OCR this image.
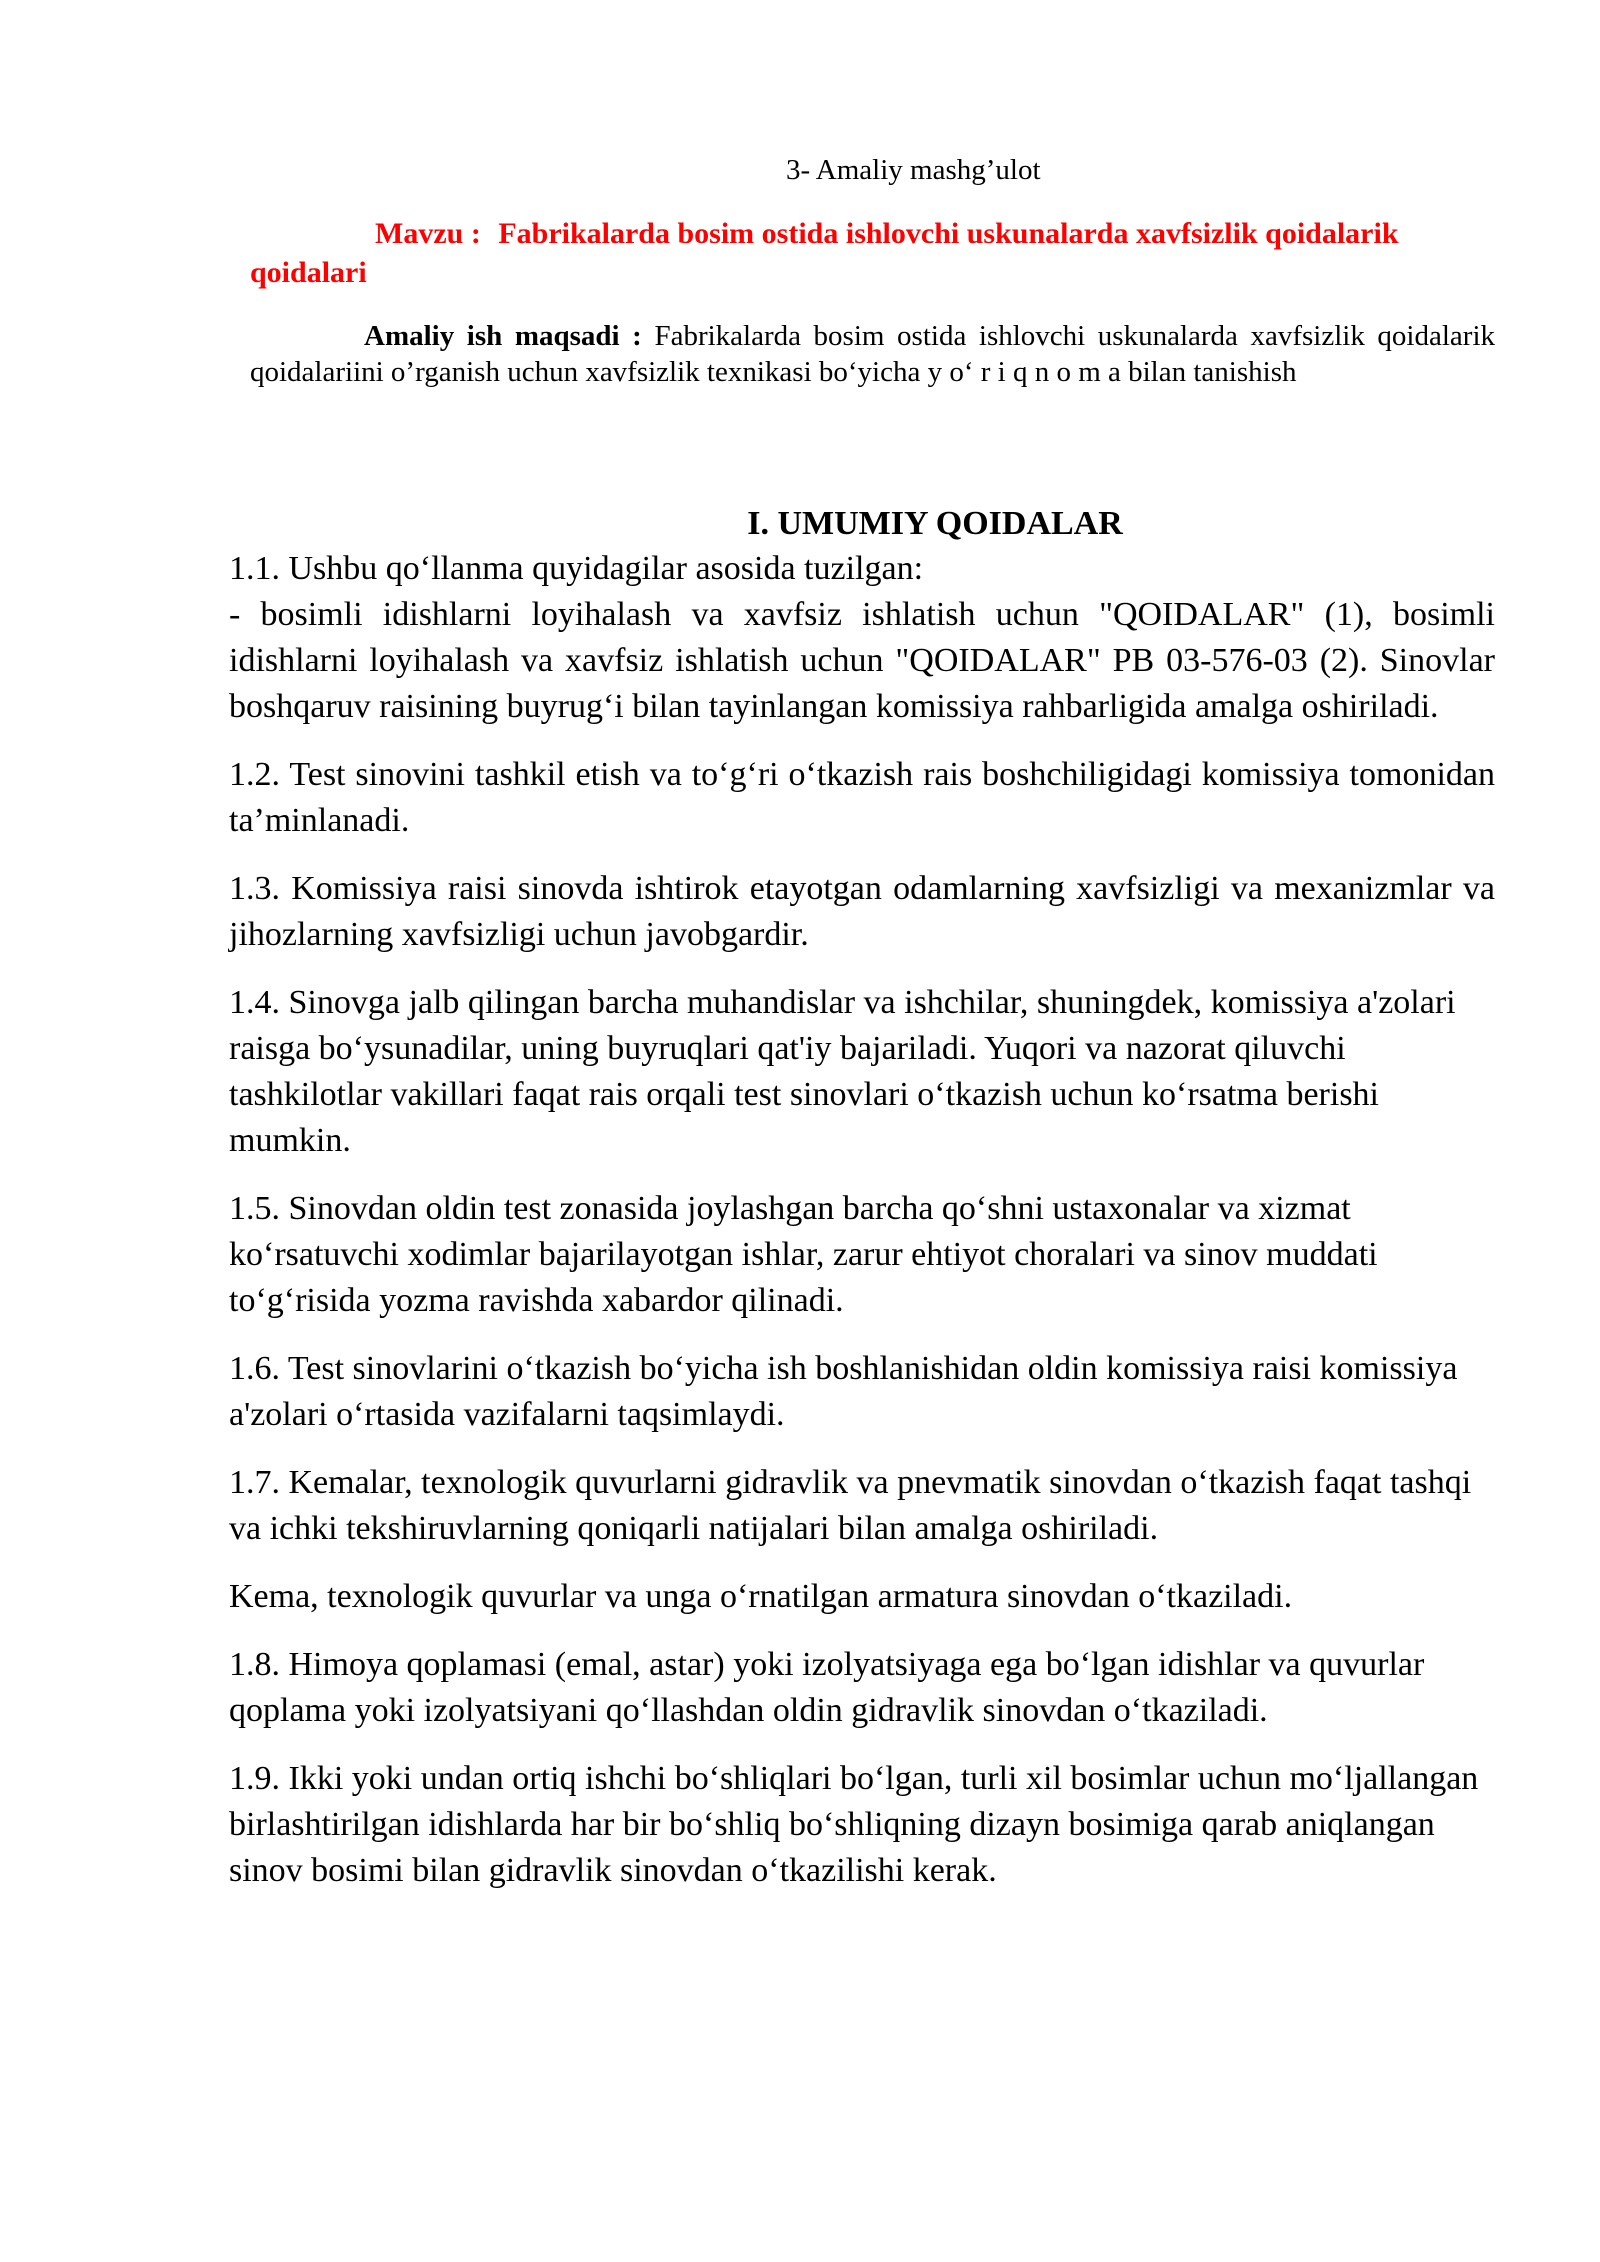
3- Amaliy mashg’ulot
Mavzu : Fabrikalarda bosim ostida ishlovchi uskunalarda xavfsizlik qoidalarik qoidalari
Amaliy ish maqsadi : Fabrikalarda bosim ostida ishlovchi uskunalarda xavfsizlik qoidalarik qoidalariini o’rganish uchun xavfsizlik texnikasi bo‘yicha y o‘ r i q n o m a bilan tanishish
I. UMUMIY QOIDALAR

1.1. Ushbu qo‘llanma quyidagilar asosida tuzilgan:

- bosimli idishlarni loyihalash va xavfsiz ishlatish uchun "QOIDALAR" (1), bosimli idishlarni loyihalash va xavfsiz ishlatish uchun "QOIDALAR" PB 03-576-03 (2). Sinovlar boshqaruv raisining buyrug‘i bilan tayinlangan komissiya rahbarligida amalga oshiriladi.

1.2. Test sinovini tashkil etish va to‘g‘ri o‘tkazish rais boshchiligidagi komissiya tomonidan ta’minlanadi.

1.3. Komissiya raisi sinovda ishtirok etayotgan odamlarning xavfsizligi va mexanizmlar va jihozlarning xavfsizligi uchun javobgardir.

1.4. Sinovga jalb qilingan barcha muhandislar va ishchilar, shuningdek, komissiya a'zolari raisga bo‘ysunadilar, uning buyruqlari qat'iy bajariladi. Yuqori va nazorat qiluvchi tashkilotlar vakillari faqat rais orqali test sinovlari o‘tkazish uchun ko‘rsatma berishi mumkin.

1.5. Sinovdan oldin test zonasida joylashgan barcha qo‘shni ustaxonalar va xizmat ko‘rsatuvchi xodimlar bajarilayotgan ishlar, zarur ehtiyot choralari va sinov muddati to‘g‘risida yozma ravishda xabardor qilinadi.

1.6. Test sinovlarini o‘tkazish bo‘yicha ish boshlanishidan oldin komissiya raisi komissiya a'zolari o‘rtasida vazifalarni taqsimlaydi.

1.7. Kemalar, texnologik quvurlarni gidravlik va pnevmatik sinovdan o‘tkazish faqat tashqi va ichki tekshiruvlarning qoniqarli natijalari bilan amalga oshiriladi.

Kema, texnologik quvurlar va unga o‘rnatilgan armatura sinovdan o‘tkaziladi.

1.8. Himoya qoplamasi (emal, astar) yoki izolyatsiyaga ega bo‘lgan idishlar va quvurlar qoplama yoki izolyatsiyani qo‘llashdan oldin gidravlik sinovdan o‘tkaziladi.

1.9. Ikki yoki undan ortiq ishchi bo‘shliqlari bo‘lgan, turli xil bosimlar uchun mo‘ljallangan birlashtirilgan idishlarda har bir bo‘shliq bo‘shliqning dizayn bosimiga qarab aniqlangan sinov bosimi bilan gidravlik sinovdan o‘tkazilishi kerak.
